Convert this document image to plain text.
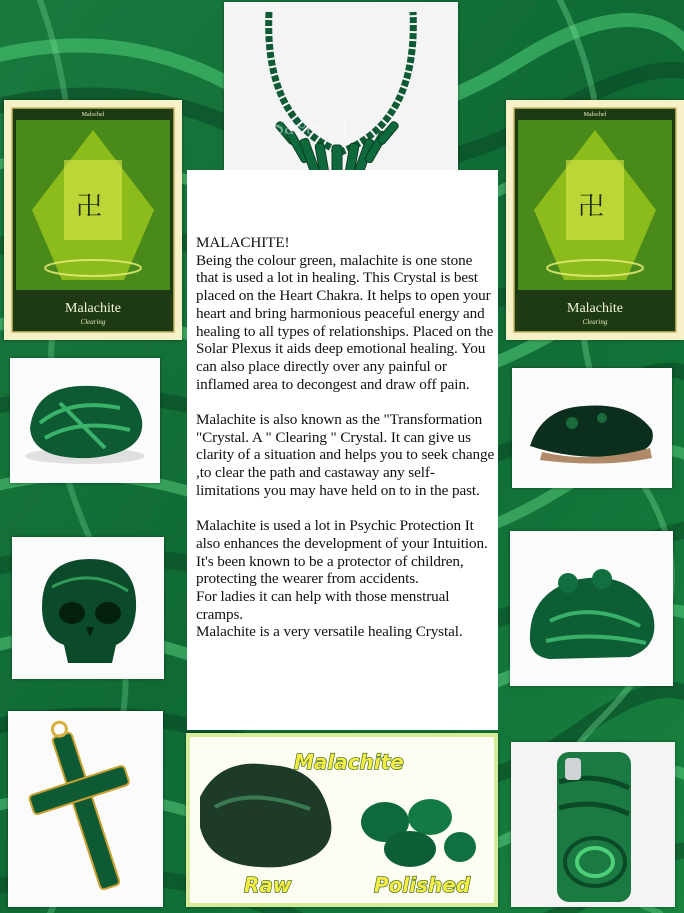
Sa~bead
卍
Malochel
Malachite
Clearing
卍
Malochel
Malachite
Clearing
Malachite
Raw	Polished

MALACHITE!
Being the colour green, malachite is one stone that is used a lot in healing. This Crystal is best placed on the Heart Chakra. It helps to open your heart and bring harmonious peaceful energy and healing to all types of relationships. Placed on the Solar Plexus it aids deep emotional healing. You can also place directly over any painful or inflamed area to decongest and draw off pain.

Malachite is also known as the "Transformation "Crystal. A " Clearing " Crystal. It can give us clarity of a situation and helps you to seek change ,to clear the path and castaway any self- limitations you may have held on to in the past.

Malachite is used a lot in Psychic Protection It also enhances the development of your Intuition.
It's been known to be a protector of children, protecting the wearer from accidents.
For ladies it can help with those menstrual cramps.
Malachite is a very versatile healing Crystal.
